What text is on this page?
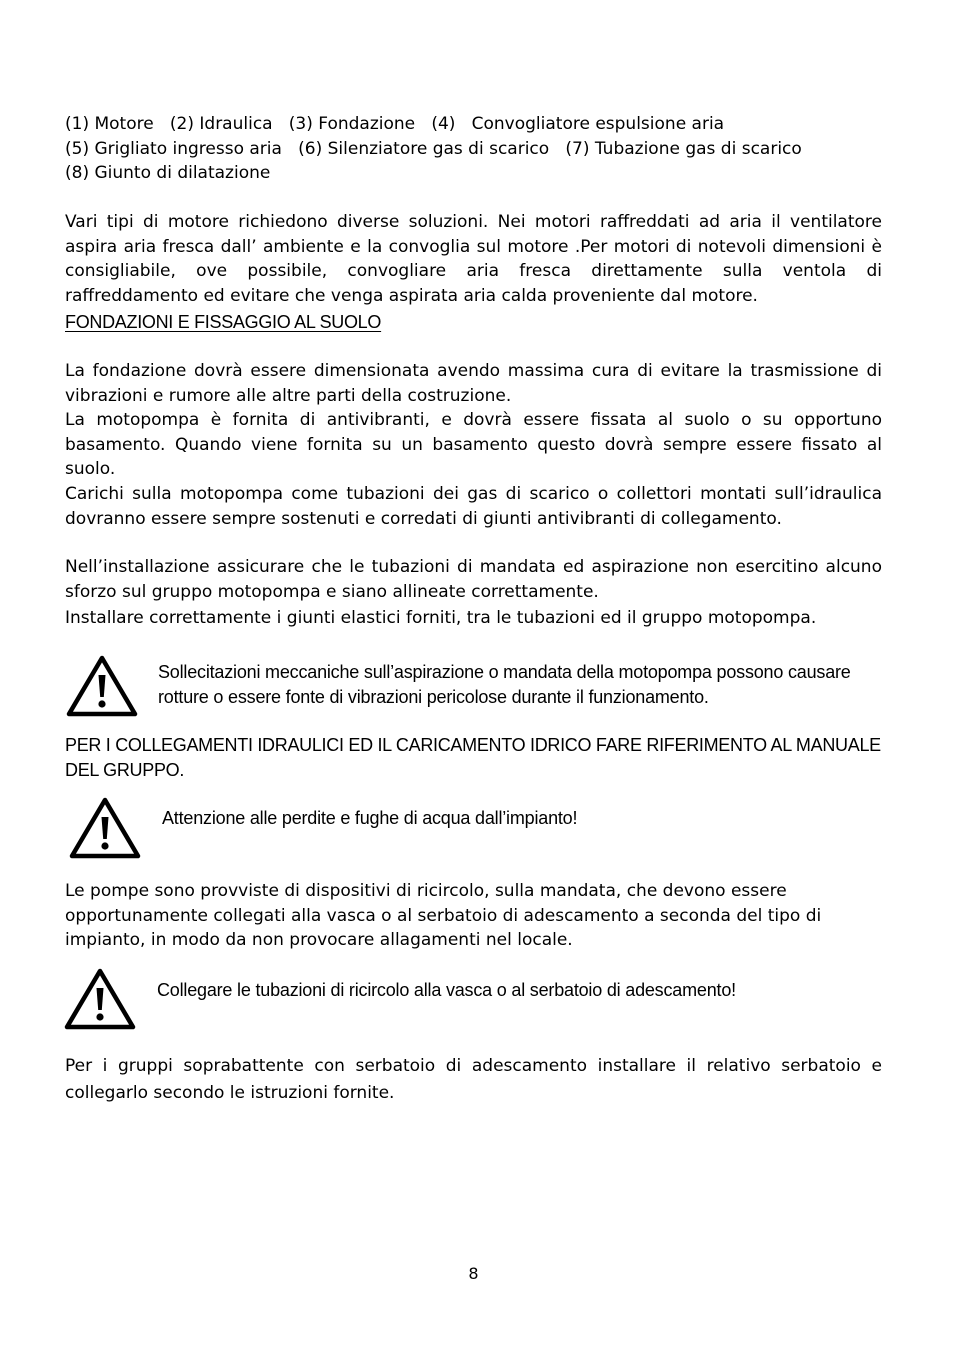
(1) Motore   (2) Idraulica   (3) Fondazione   (4)   Convogliatore espulsione aria
(5) Grigliato ingresso aria   (6) Silenziatore gas di scarico   (7) Tubazione gas di scarico
(8) Giunto di dilatazione
Vari tipi di motore richiedono diverse soluzioni. Nei motori raffreddati ad aria il ventilatore aspira aria fresca dall’ ambiente e la convoglia sul motore .Per motori di notevoli dimensioni è consigliabile, ove possibile, convogliare aria fresca direttamente sulla ventola di raffreddamento ed evitare che venga aspirata aria calda proveniente dal motore.
FONDAZIONI E FISSAGGIO AL SUOLO
La fondazione dovrà essere dimensionata avendo massima cura di evitare la trasmissione di vibrazioni e rumore alle altre parti della costruzione.
La motopompa è fornita di antivibranti, e dovrà essere fissata al suolo o su opportuno basamento. Quando viene fornita su un basamento questo dovrà sempre essere fissato al suolo.
Carichi sulla motopompa come tubazioni dei gas di scarico o collettori montati sull’idraulica dovranno essere sempre sostenuti e corredati di giunti antivibranti di collegamento.
Nell’installazione assicurare che le tubazioni di mandata ed aspirazione non esercitino alcuno sforzo sul gruppo motopompa e siano allineate correttamente.
Installare correttamente i giunti elastici forniti, tra le tubazioni ed il gruppo motopompa.
Sollecitazioni meccaniche sull’aspirazione o mandata della motopompa possono causare rotture o essere fonte di vibrazioni pericolose durante il funzionamento.
PER I COLLEGAMENTI IDRAULICI ED IL CARICAMENTO IDRICO FARE RIFERIMENTO AL MANUALE DEL GRUPPO.
Attenzione alle perdite e fughe di acqua dall’impianto!
Le pompe sono provviste di dispositivi di ricircolo, sulla mandata, che devono essere opportunamente collegati alla vasca o al serbatoio di adescamento a seconda del tipo di impianto, in modo da non provocare allagamenti nel locale.
Collegare le tubazioni di ricircolo alla vasca o al serbatoio di adescamento!
Per i gruppi soprabattente con serbatoio di adescamento installare il relativo serbatoio e collegarlo secondo le istruzioni fornite.
8
